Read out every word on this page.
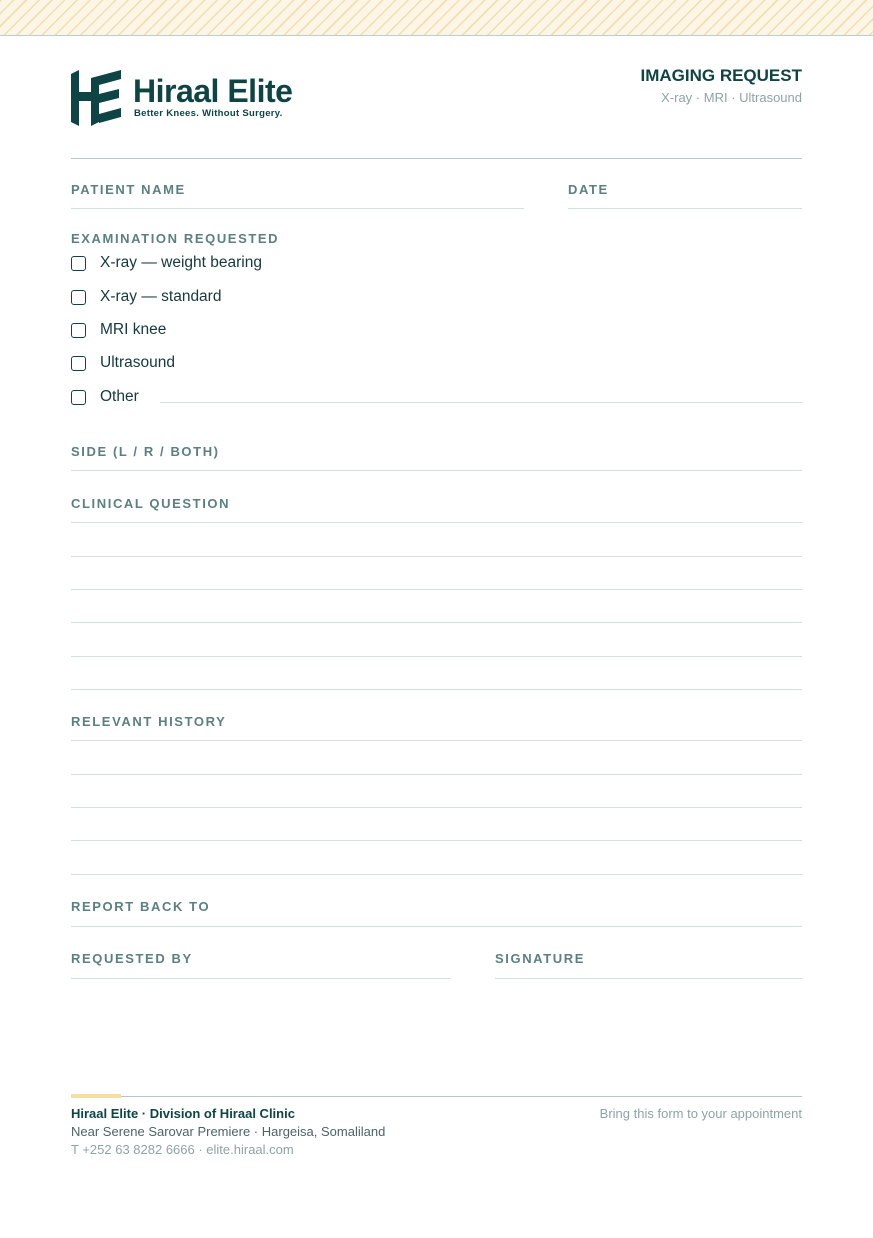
Hiraal Elite
Better Knees. Without Surgery.
IMAGING REQUEST
X-ray · MRI · Ultrasound
PATIENT NAME	DATE
EXAMINATION REQUESTED
X-ray — weight bearing
X-ray — standard
MRI knee
Ultrasound
Other
SIDE (L / R / BOTH)
CLINICAL QUESTION
RELEVANT HISTORY
REPORT BACK TO
REQUESTED BY	SIGNATURE
Hiraal Elite · Division of Hiraal Clinic
Near Serene Sarovar Premiere · Hargeisa, Somaliland
T +252 63 8282 6666 · elite.hiraal.com
Bring this form to your appointment
